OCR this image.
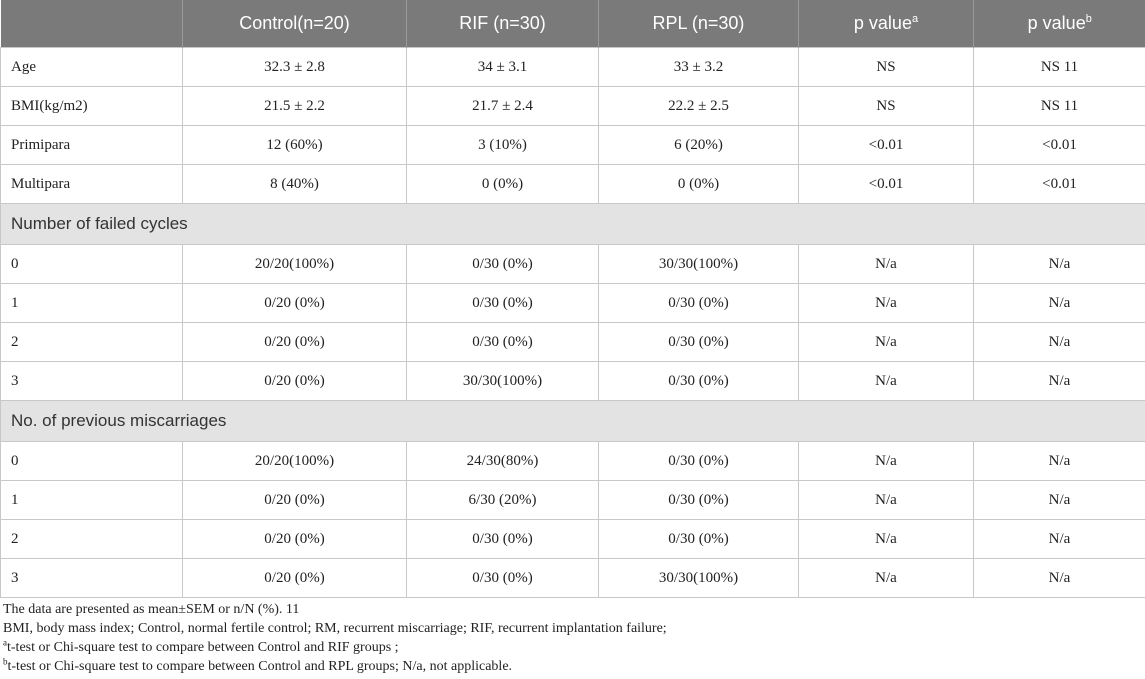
	Control(n=20)	RIF (n=30)	RPL (n=30)	p value$^a$	p value$^b$
Age	32.3 ± 2.8	34 ± 3.1	33 ± 3.2	NS	NS 11
BMI(kg/m2)	21.5 ± 2.2	21.7 ± 2.4	22.2 ± 2.5	NS	NS 11
Primipara	12 (60%)	3 (10%)	6 (20%)	<0.01	<0.01
Multipara	8 (40%)	0 (0%)	0 (0%)	<0.01	<0.01
Number of failed cycles					
0	20/20(100%)	0/30 (0%)	30/30(100%)	N/a	N/a
1	0/20 (0%)	0/30 (0%)	0/30 (0%)	N/a	N/a
2	0/20 (0%)	0/30 (0%)	0/30 (0%)	N/a	N/a
3	0/20 (0%)	30/30(100%)	0/30 (0%)	N/a	N/a
No. of previous miscarriages					
0	20/20(100%)	24/30(80%)	0/30 (0%)	N/a	N/a
1	0/20 (0%)	6/30 (20%)	0/30 (0%)	N/a	N/a
2	0/20 (0%)	0/30 (0%)	0/30 (0%)	N/a	N/a
3	0/20 (0%)	0/30 (0%)	30/30(100%)	N/a	N/a
The data are presented as mean±SEM or n/N (%). 11
BMI, body mass index; Control, normal fertile control; RM, recurrent miscarriage; RIF, recurrent implantation failure;
$^a$t-test or Chi-square test to compare between Control and RIF groups ;
$^b$t-test or Chi-square test to compare between Control and RPL groups; N/a, not applicable.
